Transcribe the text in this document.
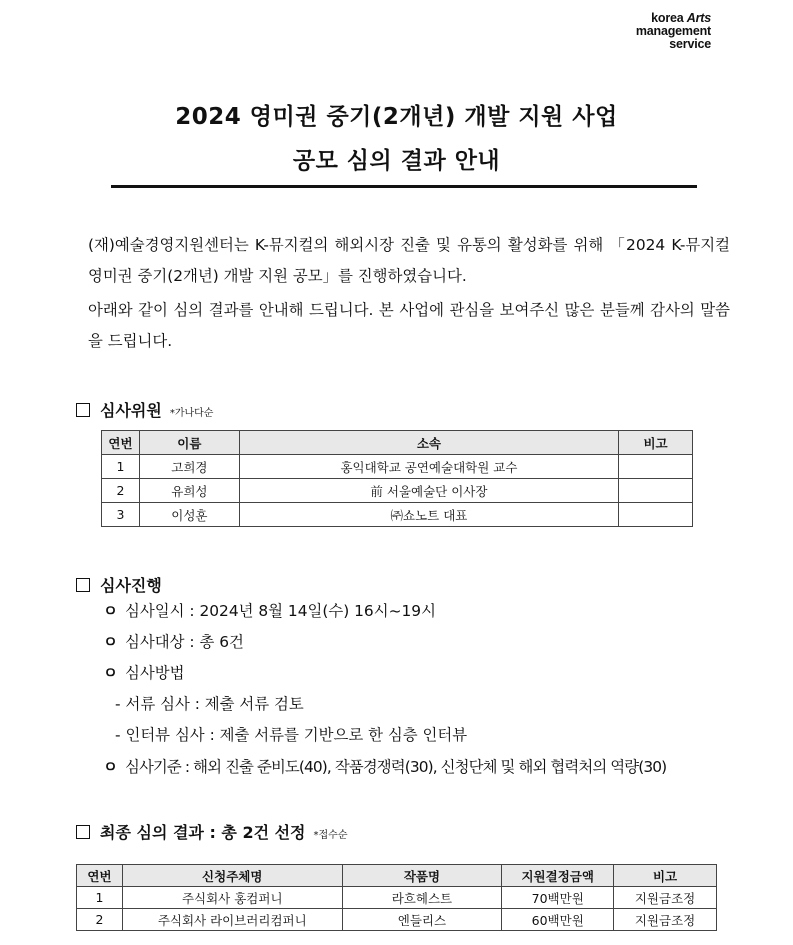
korea Arts
management
service
2024 영미권 중기(2개년) 개발 지원 사업
공모 심의 결과 안내
(재)예술경영지원센터는 K-뮤지컬의 해외시장 진출 및 유통의 활성화를 위해 「2024 K-뮤지컬 영미권 중기(2개년) 개발 지원 공모」를 진행하였습니다.
아래와 같이 심의 결과를 안내해 드립니다. 본 사업에 관심을 보여주신 많은 분들께 감사의 말씀을 드립니다.
심사위원 *가나다순
연번	이름	소속	비고
1	고희경	홍익대학교 공연예술대학원 교수	
2	유희성	前 서울예술단 이사장	
3	이성훈	㈜쇼노트 대표	
심사진행
ㅇ 심사일시 : 2024년 8월 14일(수) 16시~19시
ㅇ 심사대상 : 총 6건
ㅇ 심사방법
- 서류 심사 : 제출 서류 검토
- 인터뷰 심사 : 제출 서류를 기반으로 한 심층 인터뷰
ㅇ 심사기준 : 해외 진출 준비도(40), 작품경쟁력(30), 신청단체 및 해외 협력처의 역량(30)
최종 심의 결과 : 총 2건 선정 *접수순
연번	신청주체명	작품명	지원결정금액	비고
1	주식회사 홍컴퍼니	라흐헤스트	70백만원	지원금조정
2	주식회사 라이브러리컴퍼니	엔들리스	60백만원	지원금조정
